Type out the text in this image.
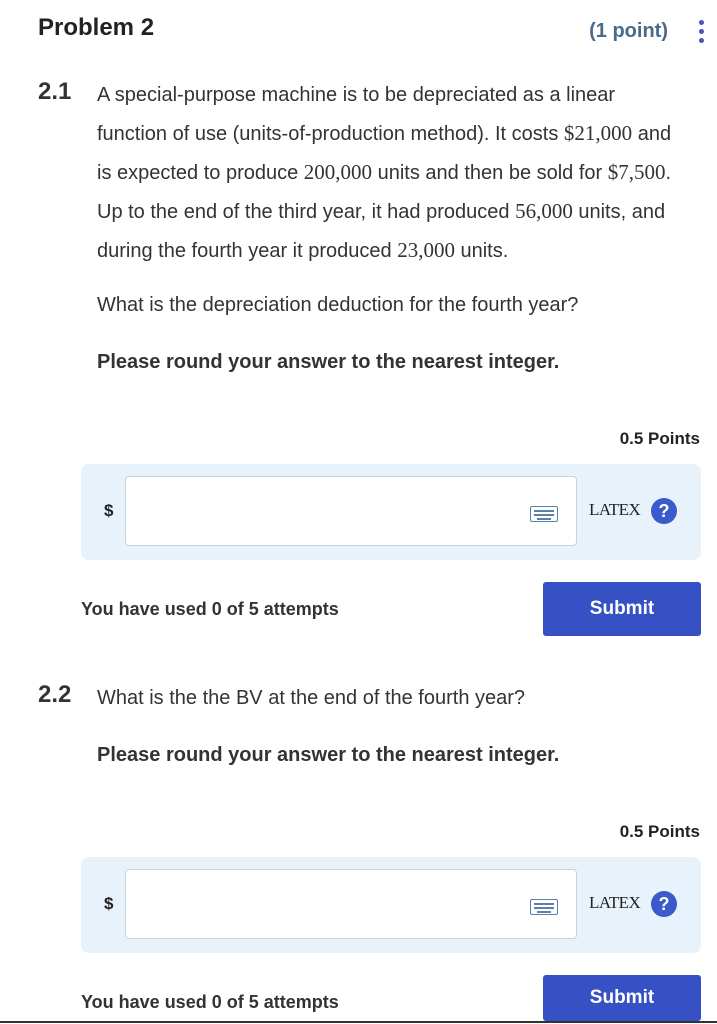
Problem 2	(1 point)
2.1 A special-purpose machine is to be depreciated as a linear
function of use (units-of-production method). It costs $21,000 and
is expected to produce 200,000 units and then be sold for $7,500.
Up to the end of the third year, it had produced 56,000 units, and
during the fourth year it produced 23,000 units.
What is the depreciation deduction for the fourth year?
Please round your answer to the nearest integer.
0.5 Points
$	LATEX	?
You have used 0 of 5 attempts	Submit
2.2 What is the the BV at the end of the fourth year?
Please round your answer to the nearest integer.
0.5 Points
$	LATEX	?
You have used 0 of 5 attempts	Submit
